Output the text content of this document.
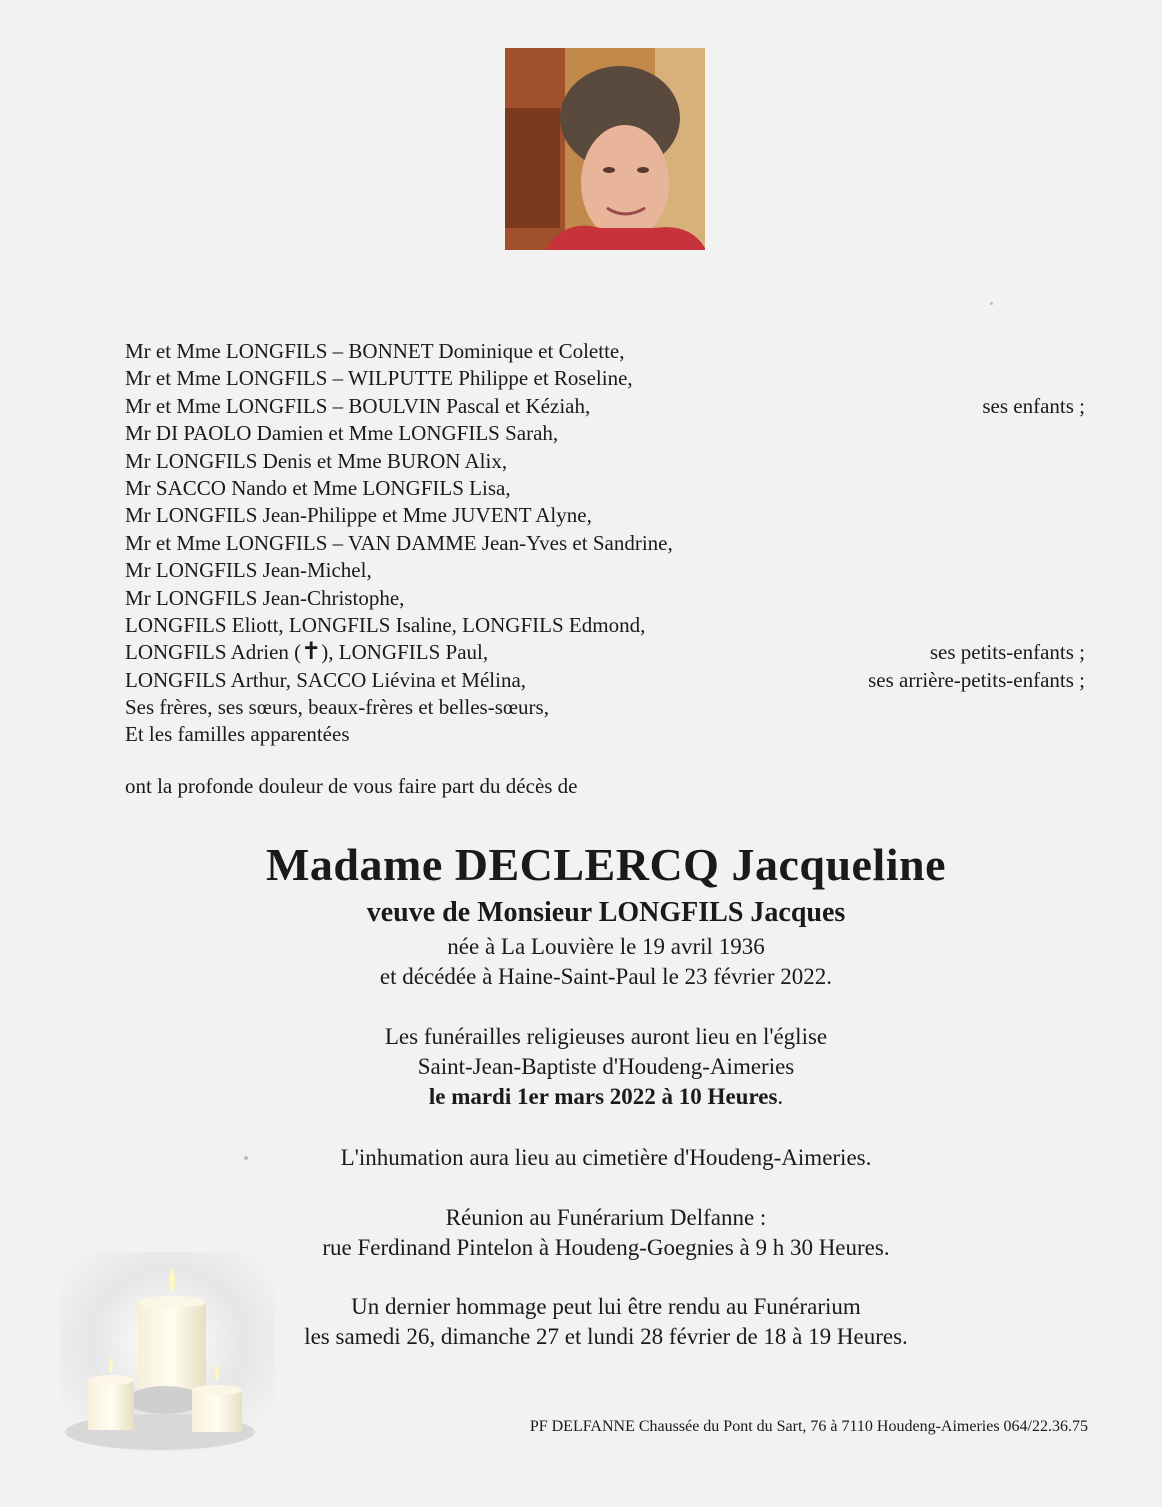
Mr et Mme LONGFILS – BONNET Dominique et Colette,
Mr et Mme LONGFILS – WILPUTTE Philippe et Roseline,
Mr et Mme LONGFILS – BOULVIN Pascal et Kéziah,	ses enfants ;
Mr DI PAOLO Damien et Mme LONGFILS Sarah,
Mr LONGFILS Denis et Mme BURON Alix,
Mr SACCO Nando et Mme LONGFILS Lisa,
Mr LONGFILS Jean-Philippe et Mme JUVENT Alyne,
Mr et Mme LONGFILS – VAN DAMME Jean-Yves et Sandrine,
Mr LONGFILS Jean-Michel,
Mr LONGFILS Jean-Christophe,
LONGFILS Eliott, LONGFILS Isaline, LONGFILS Edmond,
LONGFILS Adrien (✝), LONGFILS Paul,	ses petits-enfants ;
LONGFILS Arthur, SACCO Liévina et Mélina,	ses arrière-petits-enfants ;
Ses frères, ses sœurs, beaux-frères et belles-sœurs,
Et les familles apparentées
ont la profonde douleur de vous faire part du décès de
Madame DECLERCQ Jacqueline
veuve de Monsieur LONGFILS Jacques
née à La Louvière le 19 avril 1936
et décédée à Haine-Saint-Paul le 23 février 2022.
Les funérailles religieuses auront lieu en l'église
Saint-Jean-Baptiste d'Houdeng-Aimeries
le mardi 1er mars 2022 à 10 Heures.
L'inhumation aura lieu au cimetière d'Houdeng-Aimeries.
Réunion au Funérarium Delfanne :
rue Ferdinand Pintelon à Houdeng-Goegnies à 9 h 30 Heures.
Un dernier hommage peut lui être rendu au Funérarium
les samedi 26, dimanche 27 et lundi 28 février de 18 à 19 Heures.
PF DELFANNE Chaussée du Pont du Sart, 76 à 7110 Houdeng-Aimeries 064/22.36.75
